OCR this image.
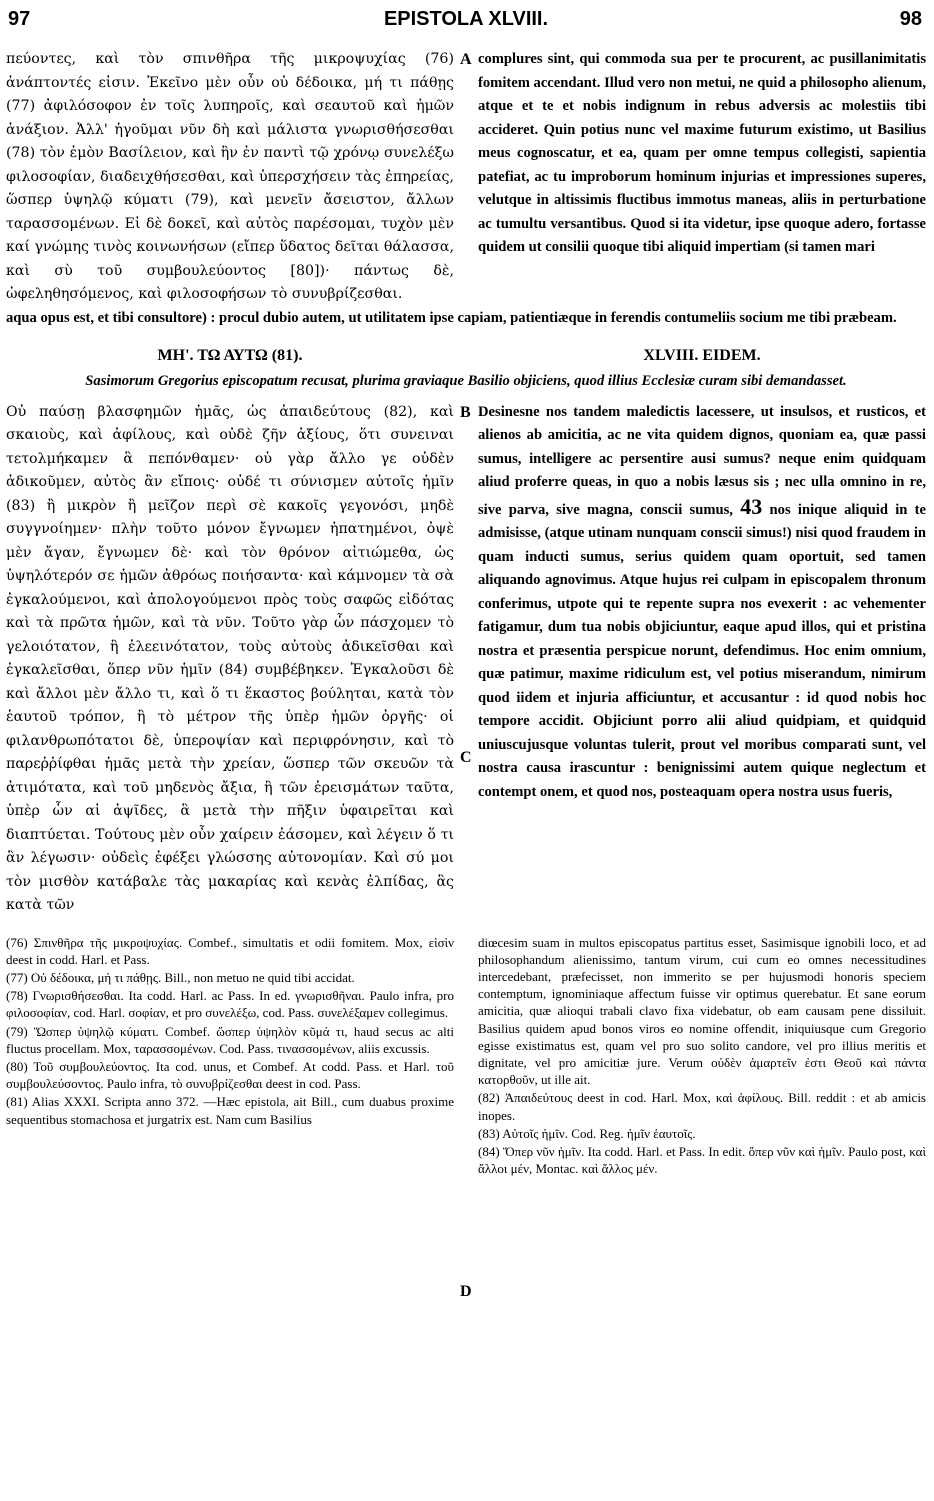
97	EPISTOLA XLVIII.	98

πεύοντες, καὶ τὸν σπινθῆρα τῆς μικροψυχίας (76) ἀνάπτοντές εἰσιν. Ἐκεῖνο μὲν οὖν οὐ δέδοικα, μή τι πάθῃς (77) ἀφιλόσοφον ἐν τοῖς λυπηροῖς, καὶ σεαυτοῦ καὶ ἡμῶν ἀνάξιον. Ἀλλ' ἡγοῦμαι νῦν δὴ καὶ μάλιστα γνωρισθήσεσθαι (78) τὸν ἐμὸν Βασίλειον, καὶ ἣν ἐν παντὶ τῷ χρόνῳ συνελέξω φιλοσοφίαν, διαδειχθήσεσθαι, καὶ ὑπερσχήσειν τὰς ἐπηρείας, ὥσπερ ὑψηλῷ κύματι (79), καὶ μενεῖν ἄσειστον, ἄλλων ταρασσομένων. Εἰ δὲ δοκεῖ, καὶ αὐτὸς παρέσομαι, τυχὸν μὲν καί γνώμης τινὸς κοινωνήσων (εἴπερ ὕδατος δεῖται θάλασσα, καὶ σὺ τοῦ συμβουλεύοντος [80])· πάντως δὲ, ὠφεληθησόμενος, καὶ φιλοσοφήσων τὸ συνυβρίζεσθαι.

A complures sint, qui commoda sua per te procurent, ac pusillanimitatis fomitem accendant. Illud vero non metui, ne quid a philosopho alienum, atque et te et nobis indignum in rebus adversis ac molestiis tibi accideret. Quin potius nunc vel maxime futurum existimo, ut Basilius meus cognoscatur, et ea, quam per omne tempus collegisti, sapientia patefiat, ac tu improborum hominum injurias et impressiones superes, velutque in altissimis fluctibus immotus maneas, aliis in perturbatione ac tumultu versantibus. Quod si ita videtur, ipse quoque adero, fortasse quidem ut consilii quoque tibi aliquid impertiam (si tamen mari

aqua opus est, et tibi consultore) : procul dubio autem, ut utilitatem ipse capiam, patientiæque in ferendis contumeliis socium me tibi præbeam.

ΜΗ'. ΤΩ ΑΥΤΩ (81).	XLVIII. EIDEM.

Sasimorum Gregorius episcopatum recusat, plurima graviaque Basilio objiciens, quod illius Ecclesiæ curam sibi demandasset.

Οὐ παύσῃ βλασφημῶν ἡμᾶς, ὡς ἀπαιδεύτους (82), καὶ σκαιοὺς, καὶ ἀφίλους, καὶ οὐδὲ ζῆν ἀξίους, ὅτι συνειναι τετολμήκαμεν ἃ πεπόνθαμεν· οὐ γὰρ ἄλλο γε οὐδὲν ἀδικοῦμεν, αὐτὸς ἂν εἴποις· οὐδέ τι σύνισμεν αὐτοῖς ἡμῖν (83) ἢ μικρὸν ἢ μεῖζον περὶ σὲ κακοῖς γεγονόσι, μηδὲ συγγνοίημεν· πλὴν τοῦτο μόνον ἔγνωμεν ἠπατημένοι, ὀψὲ μὲν ἄγαν, ἔγνωμεν δὲ· καὶ τὸν θρόνον αἰτιώμεθα, ὡς ὑψηλότερόν σε ἡμῶν ἀθρόως ποιήσαντα· καὶ κάμνομεν τὰ σὰ ἐγκαλούμενοι, καὶ ἀπολογούμενοι πρὸς τοὺς σαφῶς εἰδότας καὶ τὰ πρῶτα ἡμῶν, καὶ τὰ νῦν. Τοῦτο γὰρ ὧν πάσχομεν τὸ γελοιότατον, ἢ ἐλεεινότατον, τοὺς αὐτοὺς ἀδικεῖσθαι καὶ ἐγκαλεῖσθαι, ὅπερ νῦν ἡμῖν (84) συμβέβηκεν. Ἐγκαλοῦσι δὲ καὶ ἄλλοι μὲν ἄλλο τι, καὶ ὅ τι ἕκαστος βούληται, κατὰ τὸν ἑαυτοῦ τρόπον, ἢ τὸ μέτρον τῆς ὑπὲρ ἡμῶν ὀργῆς· οἱ φιλανθρωπότατοι δὲ, ὑπεροψίαν καὶ περιφρόνησιν, καὶ τὸ παρεῤῥίφθαι ἡμᾶς μετὰ τὴν χρείαν, ὥσπερ τῶν σκευῶν τὰ ἀτιμότατα, καὶ τοῦ μηδενὸς ἄξια, ἢ τῶν ἐρεισμάτων ταῦτα, ὑπὲρ ὧν αἱ ἀψῖδες, ἃ μετὰ τὴν πῆξιν ὑφαιρεῖται καὶ διαπτύεται. Τούτους μὲν οὖν χαίρειν ἐάσομεν, καὶ λέγειν ὅ τι ἂν λέγωσιν· οὐδεὶς ἐφέξει γλώσσης αὐτονομίαν. Καὶ σύ μοι τὸν μισθὸν κατάβαλε τὰς μακαρίας καὶ κενὰς ἐλπίδας, ἃς κατὰ τῶν

B
C

Desinesne nos tandem maledictis lacessere, ut insulsos, et rusticos, et alienos ab amicitia, ac ne vita quidem dignos, quoniam ea, quæ passi sumus, intelligere ac persentire ausi sumus? neque enim quidquam aliud proferre queas, in quo a nobis læsus sis ; nec ulla omnino in re, sive parva, sive magna, conscii sumus, 43 nos inique aliquid in te admisisse, (atque utinam nunquam conscii simus!) nisi quod fraudem in quam inducti sumus, serius quidem quam oportuit, sed tamen aliquando agnovimus. Atque hujus rei culpam in episcopalem thronum conferimus, utpote qui te repente supra nos evexerit : ac vehementer fatigamur, dum tua nobis objiciuntur, eaque apud illos, qui et pristina nostra et præsentia perspicue norunt, defendimus. Hoc enim omnium, quæ patimur, maxime ridiculum est, vel potius miserandum, nimirum quod iidem et injuria afficiuntur, et accusantur : id quod nobis hoc tempore accidit. Objiciunt porro alii aliud quidpiam, et quidquid uniuscujusque voluntas tulerit, prout vel moribus comparati sunt, vel nostra causa irascuntur : benignissimi autem quique neglectum et contempt onem, et quod nos, posteaquam opera nostra usus fueris,

(76) Σπινθῆρα τῆς μικροψυχίας. Combef., simultatis et odii fomitem. Mox, εἰσὶν deest in codd. Harl. et Pass.

(77) Οὐ δέδοικα, μή τι πάθῃς. Bill., non metuo ne quid tibi accidat.

(78) Γνωρισθήσεσθαι. Ita codd. Harl. ac Pass. In ed. γνωρισθῆναι. Paulo infra, pro φιλοσοφίαν, cod. Harl. σοφίαν, et pro συνελέξω, cod. Pass. συνελέξαμεν collegimus.

(79) Ὥσπερ ὑψηλῷ κύματι. Combef. ὥσπερ ὑψηλὸν κῦμά τι, haud secus ac alti fluctus procellam. Mox, ταρασσομένων. Cod. Pass. τινασσομένων, aliis excussis.

(80) Τοῦ συμβουλεύοντος. Ita cod. unus, et Combef. At codd. Pass. et Harl. τοῦ συμβουλεύσοντος. Paulo infra, τὸ συνυβρίζεσθαι deest in cod. Pass.

(81) Alias XXXI. Scripta anno 372. —Hæc epistola, ait Bill., cum duabus proxime sequentibus stomachosa et jurgatrix est. Nam cum Basilius

D

diœcesim suam in multos episcopatus partitus esset, Sasimisque ignobili loco, et ad philosophandum alienissimo, tantum virum, cui cum eo omnes necessitudines intercedebant, præfecisset, non immerito se per hujusmodi honoris speciem contemptum, ignominiaque affectum fuisse vir optimus querebatur. Et sane eorum amicitia, quæ alioqui trabali clavo fixa videbatur, ob eam causam pene dissiluit. Basilius quidem apud bonos viros eo nomine offendit, iniquiusque cum Gregorio egisse existimatus est, quam vel pro suo solito candore, vel pro illius meritis et dignitate, vel pro amicitiæ jure. Verum οὐδὲν ἁμαρτεῖν ἐστι Θεοῦ καὶ πάντα κατορθοῦν, ut ille ait.

(82) Ἀπαιδεύτους deest in cod. Harl. Mox, καὶ ἀφίλους. Bill. reddit : et ab amicis inopes.

(83) Αὐτοῖς ἡμῖν. Cod. Reg. ἡμῖν ἑαυτοῖς.

(84) Ὅπερ νῦν ἡμῖν. Ita codd. Harl. et Pass. In edit. ὅπερ νῦν καὶ ἡμῖν. Paulo post, καὶ ἄλλοι μέν, Montac. καὶ ἄλλος μέν.
